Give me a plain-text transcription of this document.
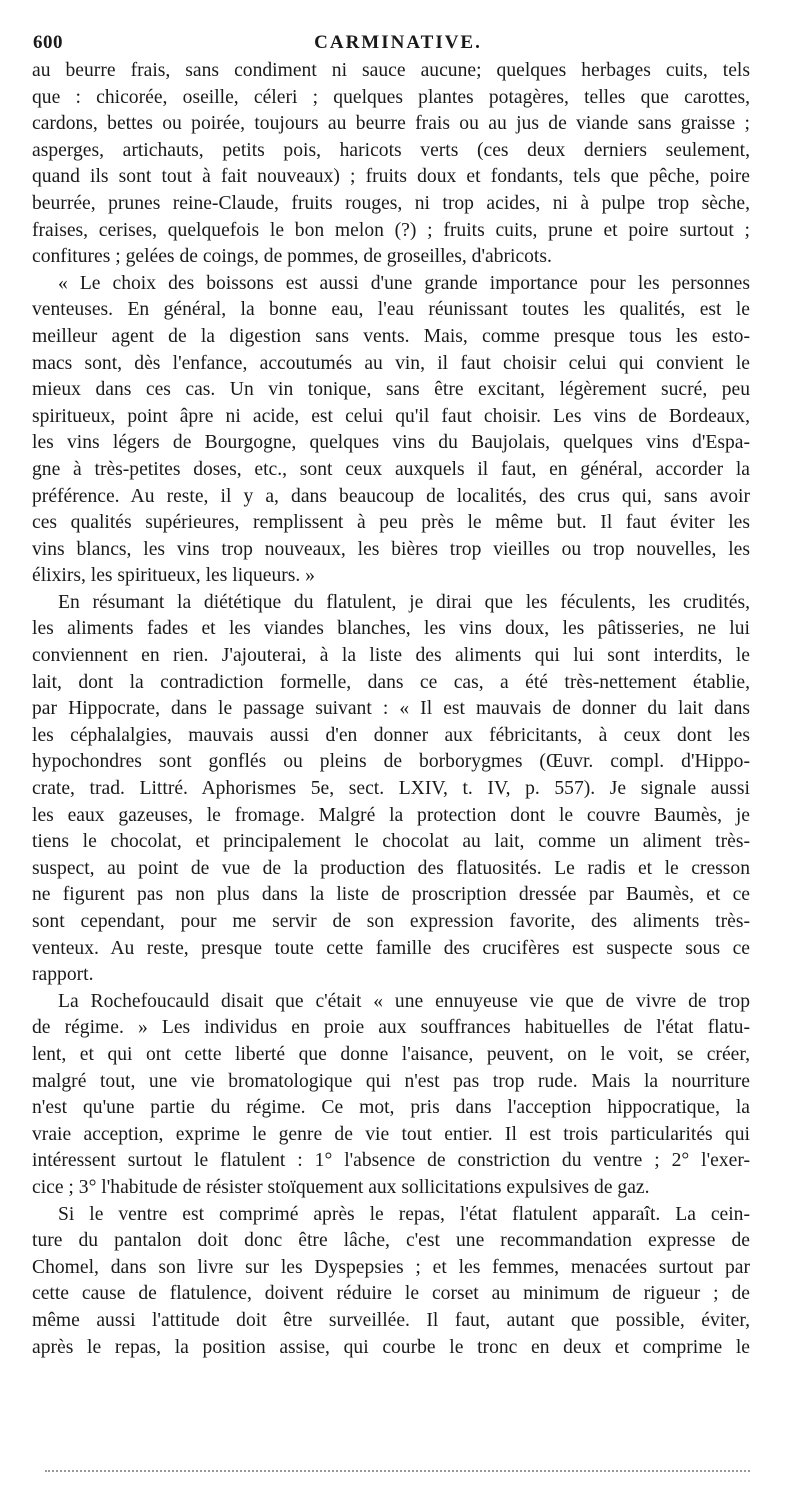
600	CARMINATIVE.

au beurre frais, sans condiment ni sauce aucune; quelques herbages cuits, tels
que : chicorée, oseille, céleri ; quelques plantes potagères, telles que carottes,
cardons, bettes ou poirée, toujours au beurre frais ou au jus de viande sans graisse ;
asperges, artichauts, petits pois, haricots verts (ces deux derniers seulement,
quand ils sont tout à fait nouveaux) ; fruits doux et fondants, tels que pêche, poire
beurrée, prunes reine-Claude, fruits rouges, ni trop acides, ni à pulpe trop sèche,
fraises, cerises, quelquefois le bon melon (?) ; fruits cuits, prune et poire surtout ;
confitures ; gelées de coings, de pommes, de groseilles, d'abricots.

« Le choix des boissons est aussi d'une grande importance pour les personnes
venteuses. En général, la bonne eau, l'eau réunissant toutes les qualités, est le
meilleur agent de la digestion sans vents. Mais, comme presque tous les esto-
macs sont, dès l'enfance, accoutumés au vin, il faut choisir celui qui convient le
mieux dans ces cas. Un vin tonique, sans être excitant, légèrement sucré, peu
spiritueux, point âpre ni acide, est celui qu'il faut choisir. Les vins de Bordeaux,
les vins légers de Bourgogne, quelques vins du Baujolais, quelques vins d'Espa-
gne à très-petites doses, etc., sont ceux auxquels il faut, en général, accorder la
préférence. Au reste, il y a, dans beaucoup de localités, des crus qui, sans avoir
ces qualités supérieures, remplissent à peu près le même but. Il faut éviter les
vins blancs, les vins trop nouveaux, les bières trop vieilles ou trop nouvelles, les
élixirs, les spiritueux, les liqueurs. »

En résumant la diététique du flatulent, je dirai que les féculents, les crudités,
les aliments fades et les viandes blanches, les vins doux, les pâtisseries, ne lui
conviennent en rien. J'ajouterai, à la liste des aliments qui lui sont interdits, le
lait, dont la contradiction formelle, dans ce cas, a été très-nettement établie,
par Hippocrate, dans le passage suivant : « Il est mauvais de donner du lait dans
les céphalalgies, mauvais aussi d'en donner aux fébricitants, à ceux dont les
hypochondres sont gonflés ou pleins de borborygmes (Œuvr. compl. d'Hippo-
crate, trad. Littré. Aphorismes 5e, sect. LXIV, t. IV, p. 557). Je signale aussi
les eaux gazeuses, le fromage. Malgré la protection dont le couvre Baumès, je
tiens le chocolat, et principalement le chocolat au lait, comme un aliment très-
suspect, au point de vue de la production des flatuosités. Le radis et le cresson
ne figurent pas non plus dans la liste de proscription dressée par Baumès, et ce
sont cependant, pour me servir de son expression favorite, des aliments très-
venteux. Au reste, presque toute cette famille des crucifères est suspecte sous ce
rapport.

La Rochefoucauld disait que c'était « une ennuyeuse vie que de vivre de trop
de régime. » Les individus en proie aux souffrances habituelles de l'état flatu-
lent, et qui ont cette liberté que donne l'aisance, peuvent, on le voit, se créer,
malgré tout, une vie bromatologique qui n'est pas trop rude. Mais la nourriture
n'est qu'une partie du régime. Ce mot, pris dans l'acception hippocratique, la
vraie acception, exprime le genre de vie tout entier. Il est trois particularités qui
intéressent surtout le flatulent : 1° l'absence de constriction du ventre ; 2° l'exer-
cice ; 3° l'habitude de résister stoïquement aux sollicitations expulsives de gaz.

Si le ventre est comprimé après le repas, l'état flatulent apparaît. La cein-
ture du pantalon doit donc être lâche, c'est une recommandation expresse de
Chomel, dans son livre sur les Dyspepsies ; et les femmes, menacées surtout par
cette cause de flatulence, doivent réduire le corset au minimum de rigueur ; de
même aussi l'attitude doit être surveillée. Il faut, autant que possible, éviter,
après le repas, la position assise, qui courbe le tronc en deux et comprime le
